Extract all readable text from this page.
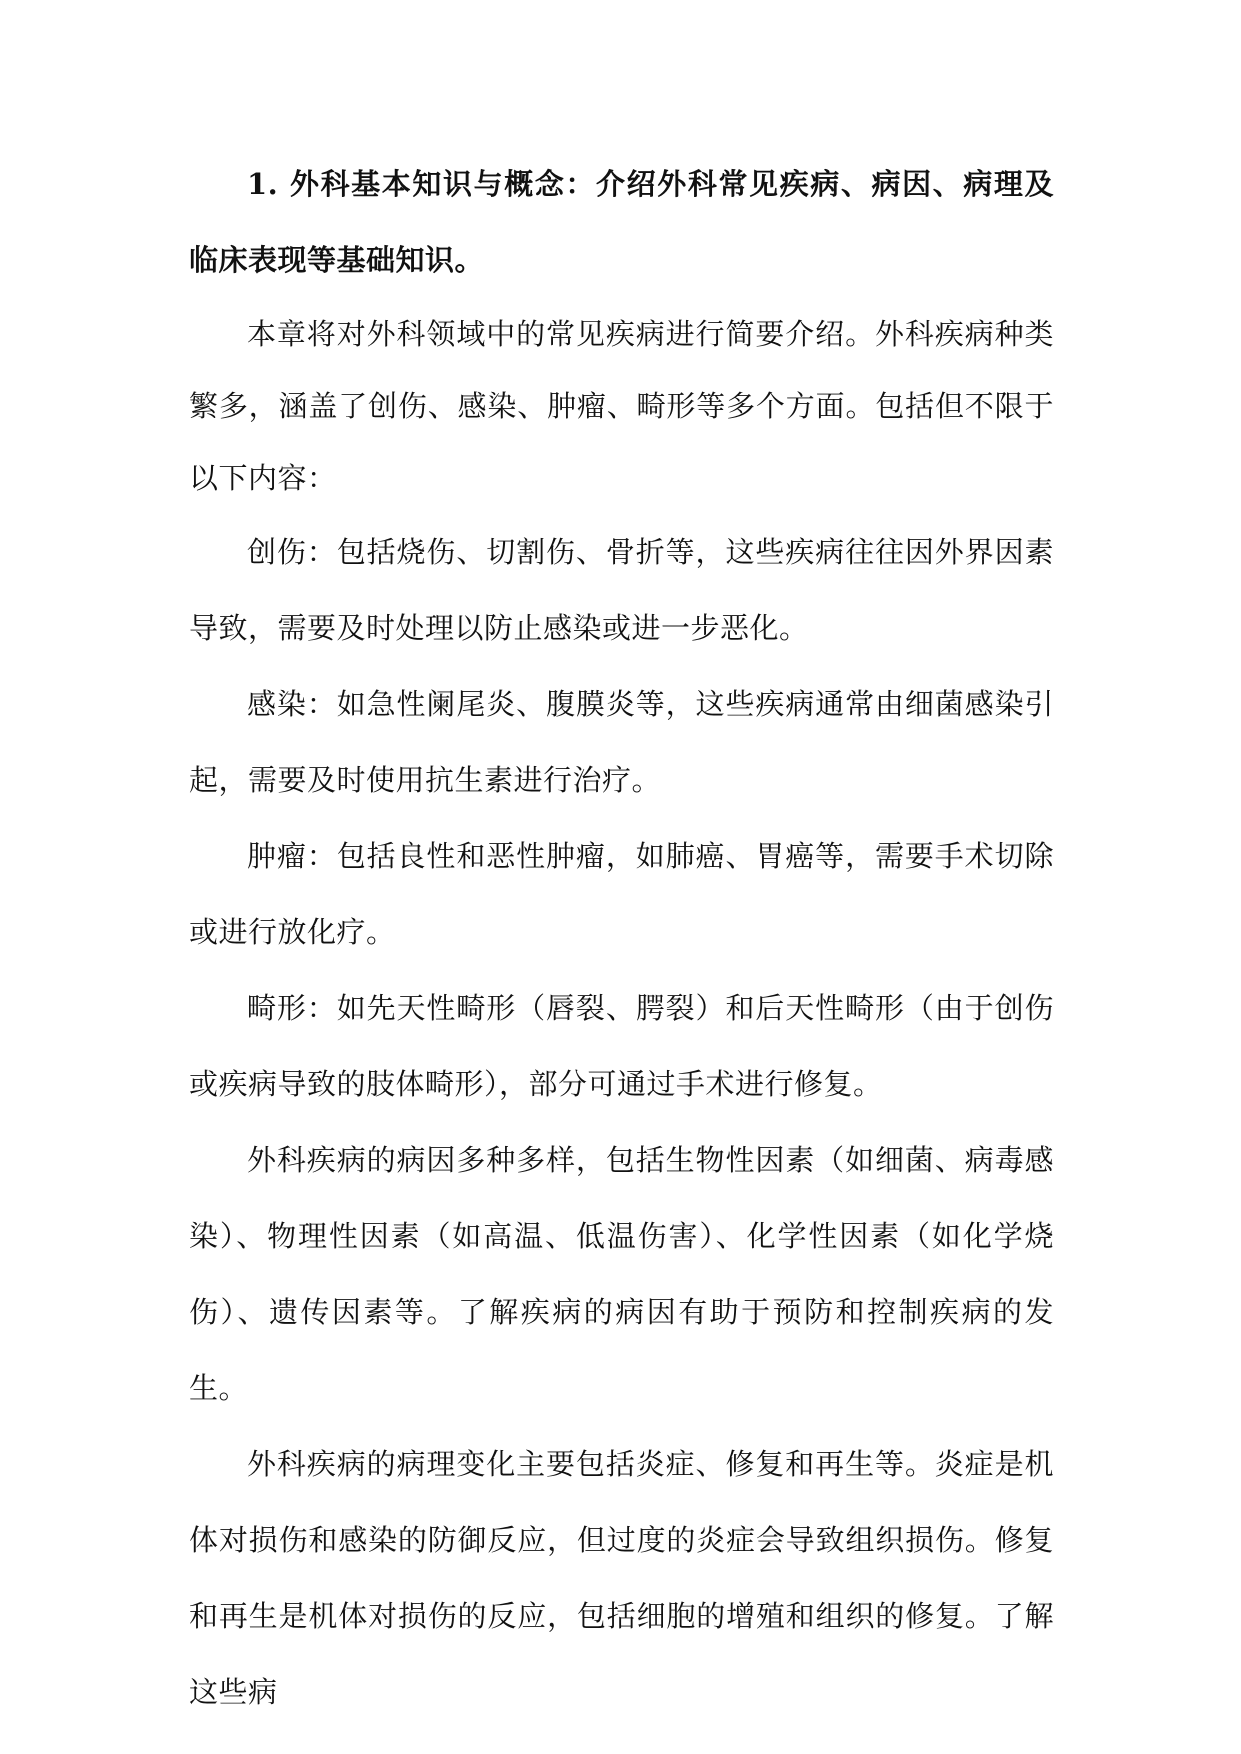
1. 外科基本知识与概念：介绍外科常见疾病、病因、病理及临床表现等基础知识。

本章将对外科领域中的常见疾病进行简要介绍。外科疾病种类繁多，涵盖了创伤、感染、肿瘤、畸形等多个方面。包括但不限于以下内容：

创伤：包括烧伤、切割伤、骨折等，这些疾病往往因外界因素导致，需要及时处理以防止感染或进一步恶化。

感染：如急性阑尾炎、腹膜炎等，这些疾病通常由细菌感染引起，需要及时使用抗生素进行治疗。

肿瘤：包括良性和恶性肿瘤，如肺癌、胃癌等，需要手术切除或进行放化疗。

畸形：如先天性畸形（唇裂、腭裂）和后天性畸形（由于创伤或疾病导致的肢体畸形），部分可通过手术进行修复。

外科疾病的病因多种多样，包括生物性因素（如细菌、病毒感染）、物理性因素（如高温、低温伤害）、化学性因素（如化学烧伤）、遗传因素等。了解疾病的病因有助于预防和控制疾病的发生。

外科疾病的病理变化主要包括炎症、修复和再生等。炎症是机体对损伤和感染的防御反应，但过度的炎症会导致组织损伤。修复和再生是机体对损伤的反应，包括细胞的增殖和组织的修复。了解这些病
